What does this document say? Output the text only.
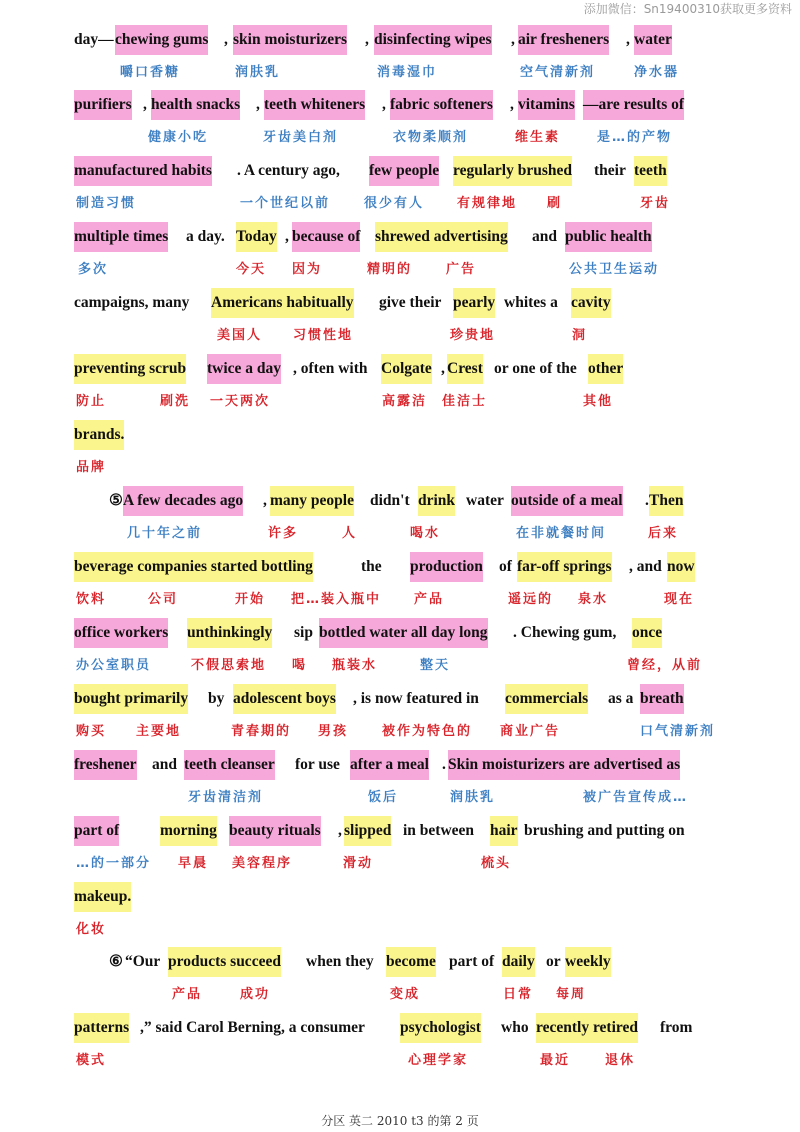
添加微信：Sn19400310获取更多资料
day— chewing gums , skin moisturizers , disinfecting wipes , air fresheners , water
嚼口香糖	润肤乳	消毒湿巾	空气清新剂	净水器
purifiers , health snacks , teeth whiteners , fabric softeners , vitamins —are results of
健康小吃	牙齿美白剂	衣物柔顺剂	维生素	是…的产物
manufactured habits . A century ago, few people regularly brushed their teeth
制造习惯	一个世纪以前	很少有人	有规律地 刷	牙齿
multiple times a day. Today , because of shrewed advertising and public health
多次	今天 因为	精明的	广告	公共卫生运动
campaigns, many Americans habitually give their pearly whites a cavity
美国人 习惯性地	珍贵地	洞
preventing scrub twice a day , often with Colgate , Crest or one of the other
防止	刷洗 一天两次	高露洁 佳洁士	其他
brands.
品牌
⑤ A few decades ago , many people didn't drink water outside of a meal . Then
几十年之前	许多	人	喝水	在非就餐时间	后来
beverage companies started bottling	the production of far-off springs , and now
饮料	公司	开始 把…装入瓶中	产品	遥远的 泉水	现在
office workers unthinkingly sip bottled water all day long . Chewing gum, once
办公室职员	不假思索地 喝 瓶装水	整天	曾经，从前
bought primarily by adolescent boys , is now featured in commercials as a breath
购买 主要地	青春期的 男孩	被作为特色的 商业广告	口气清新剂
freshener and teeth cleanser for use after a meal . Skin moisturizers are advertised as
牙齿清洁剂	饭后	润肤乳	被广告宣传成…
part of	morning beauty rituals , slipped in between hair brushing and putting on
…的一部分 早晨 美容程序	滑动	梳头
makeup.
化妆
⑥ “Our products succeed when they become part of daily or weekly
产品	成功	变成	日常 每周
patterns ,” said Carol Berning, a consumer psychologist who recently retired from
模式	心理学家	最近	退休
分区 英二 2010 t3 的第 2 页
